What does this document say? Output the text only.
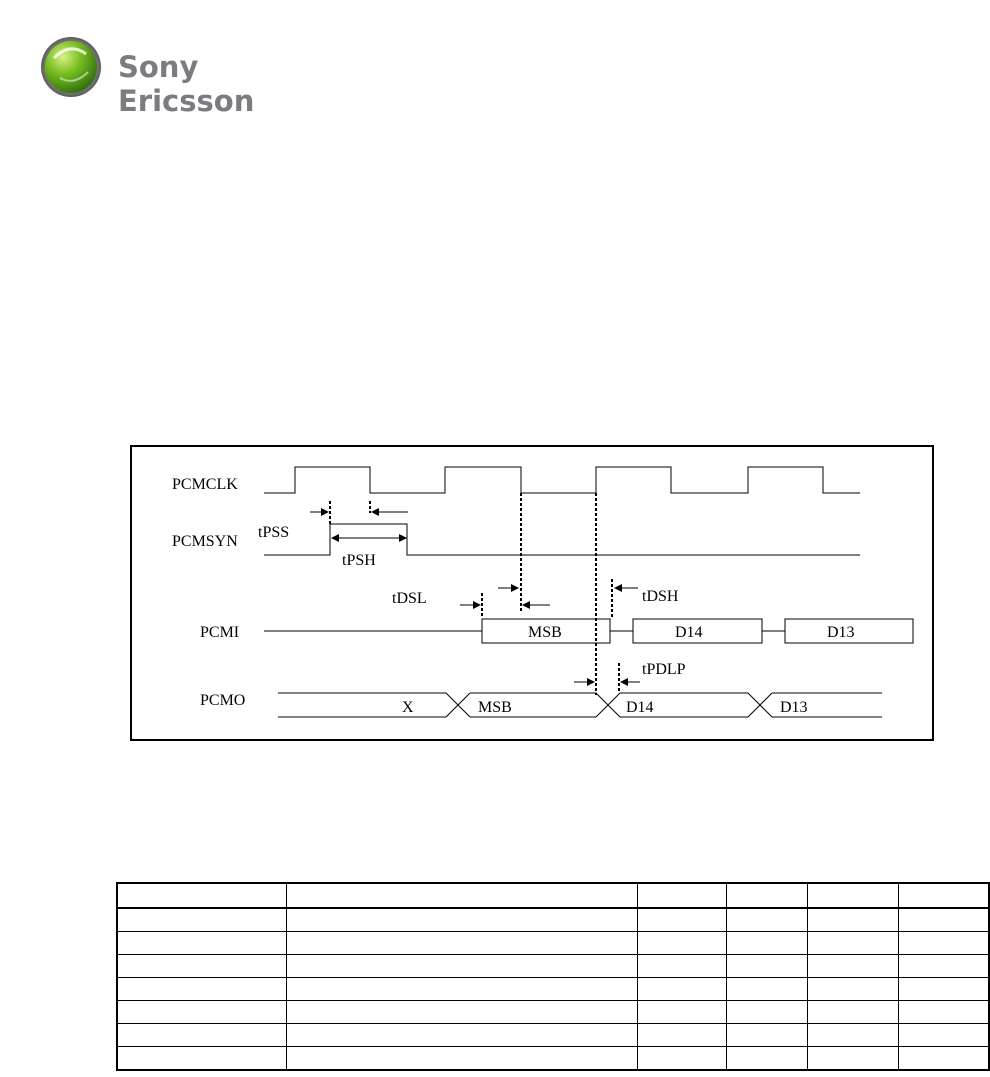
Sony Ericsson
PCMCLK
PCMSYN
PCMI
PCMO
tPSS
tPSH
tDSL	tDSH
MSB	D14	D13
tPDLP
X	MSB	D14	D13
